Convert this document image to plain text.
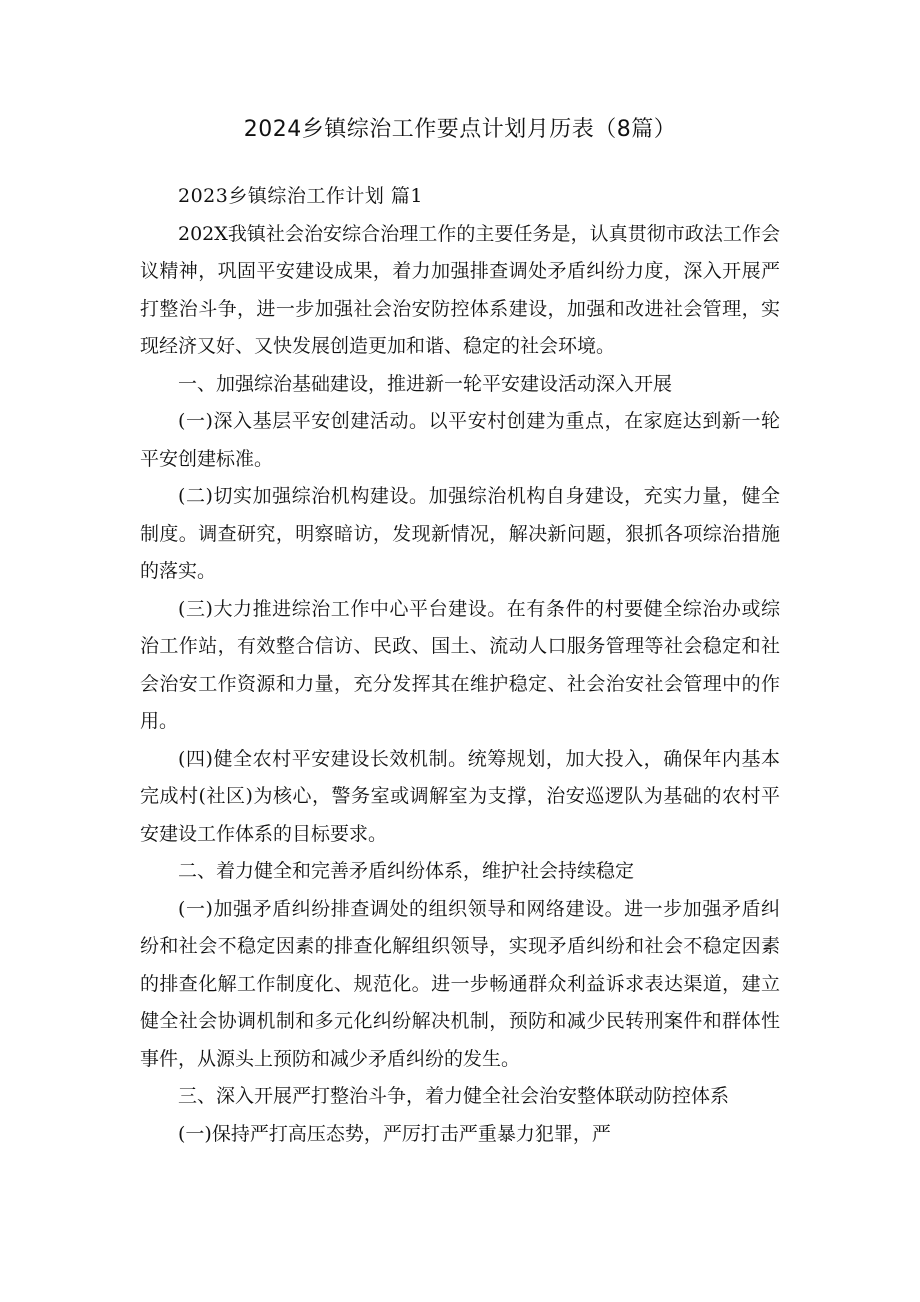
2024乡镇综治工作要点计划月历表（8篇）

2023乡镇综治工作计划 篇1

202X我镇社会治安综合治理工作的主要任务是，认真贯彻市政法工作会议精神，巩固平安建设成果，着力加强排查调处矛盾纠纷力度，深入开展严打整治斗争，进一步加强社会治安防控体系建设，加强和改进社会管理，实现经济又好、又快发展创造更加和谐、稳定的社会环境。

一、加强综治基础建设，推进新一轮平安建设活动深入开展

(一)深入基层平安创建活动。以平安村创建为重点，在家庭达到新一轮平安创建标准。

(二)切实加强综治机构建设。加强综治机构自身建设，充实力量，健全制度。调查研究，明察暗访，发现新情况，解决新问题，狠抓各项综治措施的落实。

(三)大力推进综治工作中心平台建设。在有条件的村要健全综治办或综治工作站，有效整合信访、民政、国土、流动人口服务管理等社会稳定和社会治安工作资源和力量，充分发挥其在维护稳定、社会治安社会管理中的作用。

(四)健全农村平安建设长效机制。统筹规划，加大投入，确保年内基本完成村(社区)为核心，警务室或调解室为支撑，治安巡逻队为基础的农村平安建设工作体系的目标要求。

二、着力健全和完善矛盾纠纷体系，维护社会持续稳定

(一)加强矛盾纠纷排查调处的组织领导和网络建设。进一步加强矛盾纠纷和社会不稳定因素的排查化解组织领导，实现矛盾纠纷和社会不稳定因素的排查化解工作制度化、规范化。进一步畅通群众利益诉求表达渠道，建立健全社会协调机制和多元化纠纷解决机制，预防和减少民转刑案件和群体性事件，从源头上预防和减少矛盾纠纷的发生。

三、深入开展严打整治斗争，着力健全社会治安整体联动防控体系

(一)保持严打高压态势，严厉打击严重暴力犯罪，严
